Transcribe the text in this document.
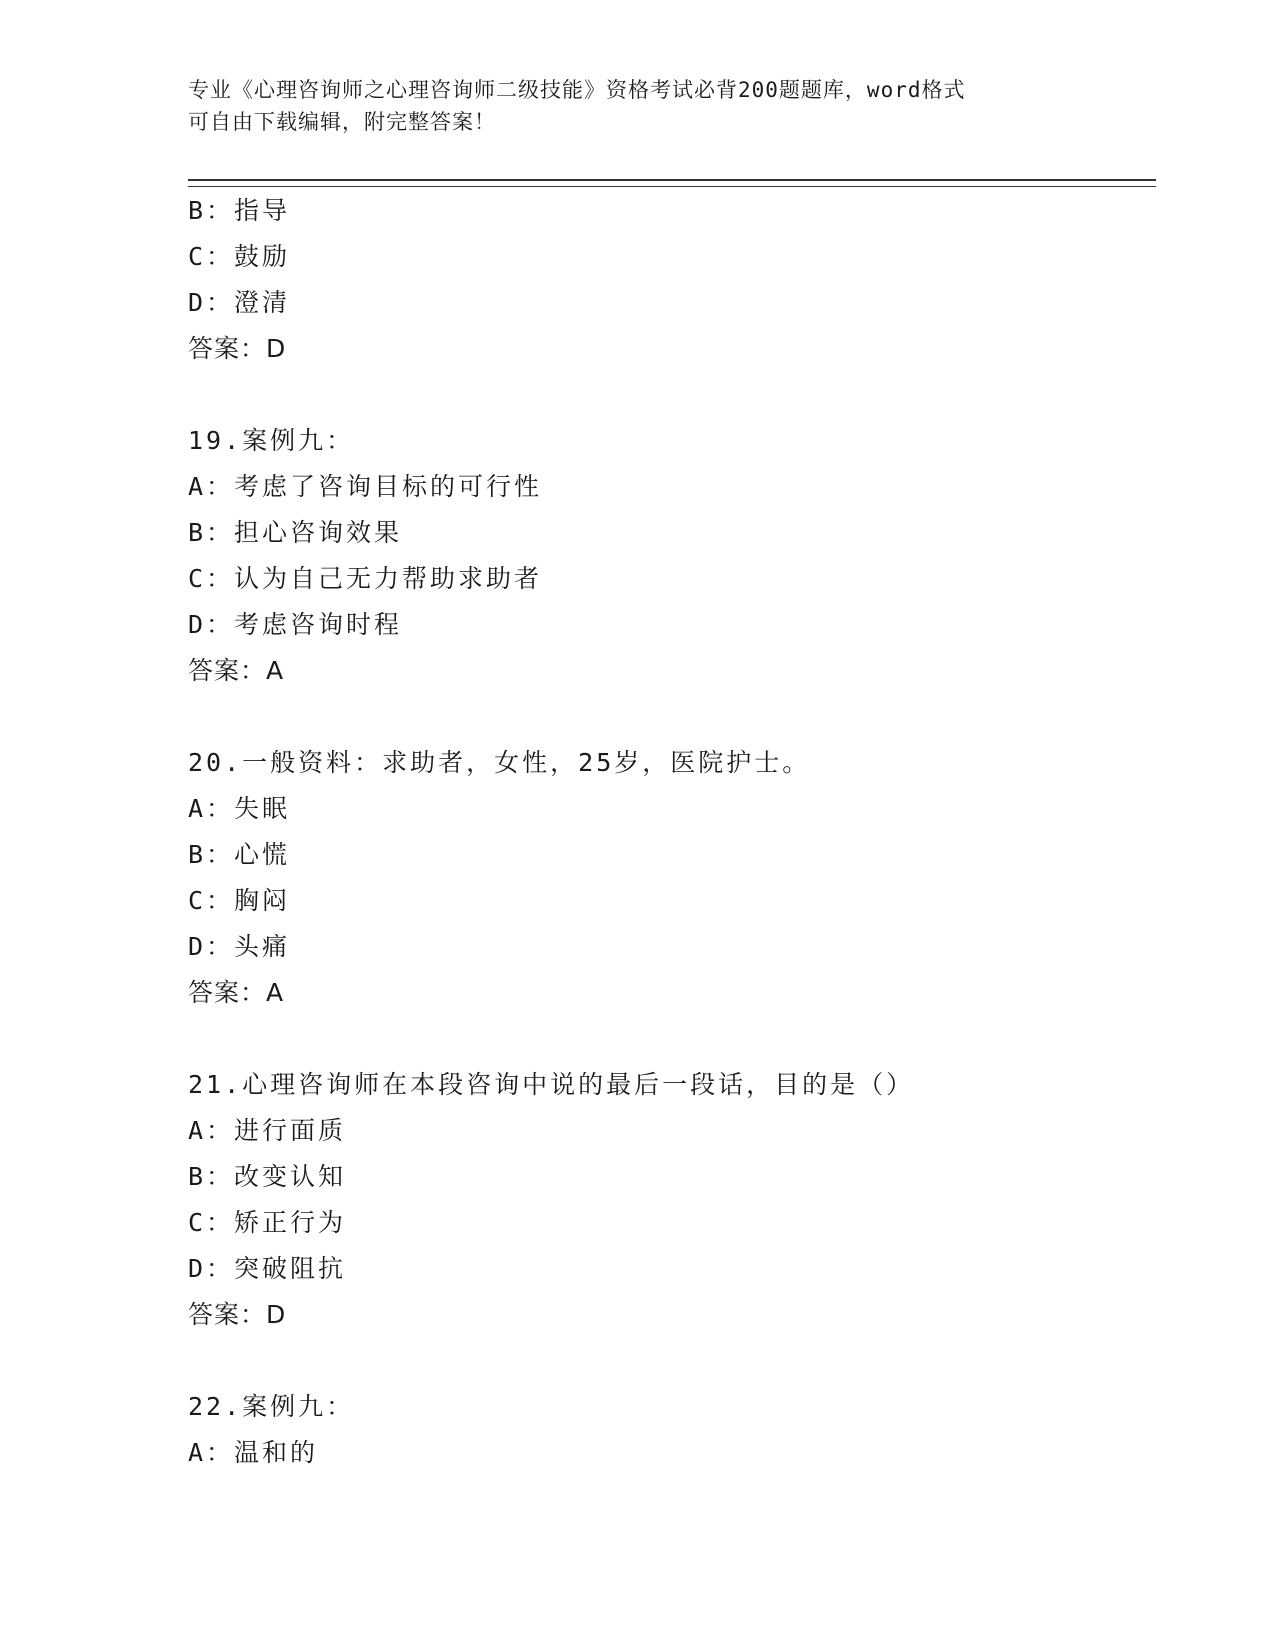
专业《心理咨询师之心理咨询师二级技能》资格考试必背200题题库，word格式
可自由下载编辑，附完整答案！
B：指导
C：鼓励
D：澄清
答案：D
19.案例九：
A：考虑了咨询目标的可行性
B：担心咨询效果
C：认为自己无力帮助求助者
D：考虑咨询时程
答案：A
20.一般资料：求助者，女性，25岁，医院护士。
A：失眠
B：心慌
C：胸闷
D：头痛
答案：A
21.心理咨询师在本段咨询中说的最后一段话，目的是（）
A：进行面质
B：改变认知
C：矫正行为
D：突破阻抗
答案：D
22.案例九：
A：温和的
